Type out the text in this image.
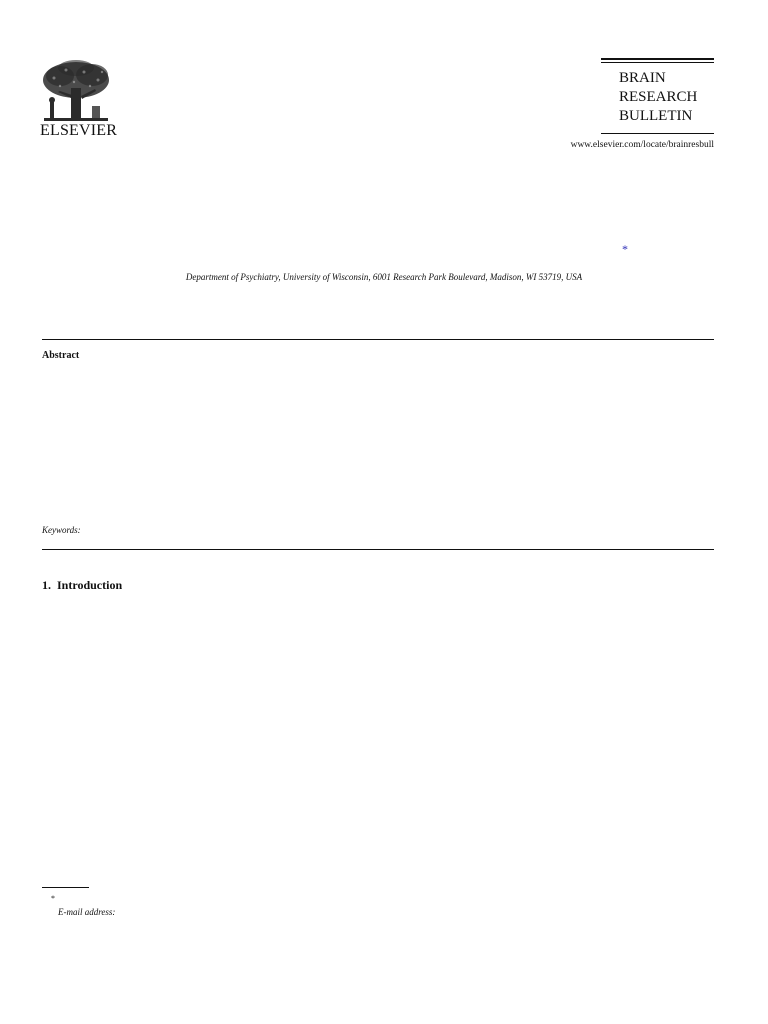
ELSEVIER
BRAIN
RESEARCH
BULLETIN
www.elsevier.com/locate/brainresbull
*
Department of Psychiatry, University of Wisconsin, 6001 Research Park Boulevard, Madison, WI 53719, USA
Abstract
Keywords:
1. Introduction
*
E-mail address:
